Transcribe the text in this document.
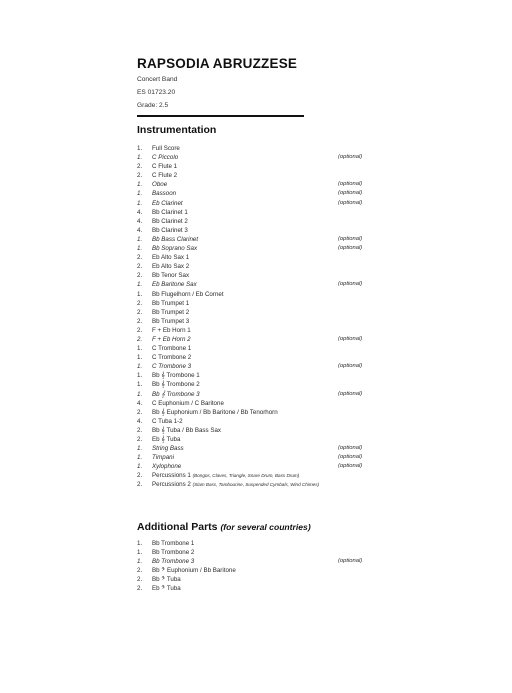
RAPSODIA ABRUZZESE
Concert Band
ES 01723.20
Grade: 2.5
Instrumentation
1.	Full Score
1.	C Piccolo	(optional)
2.	C Flute 1
2.	C Flute 2
1.	Oboe	(optional)
1.	Bassoon	(optional)
1.	Eb Clarinet	(optional)
4.	Bb Clarinet 1
4.	Bb Clarinet 2
4.	Bb Clarinet 3
1.	Bb Bass Clarinet	(optional)
1.	Bb Soprano Sax	(optional)
2.	Eb Alto Sax 1
2.	Eb Alto Sax 2
2.	Bb Tenor Sax
1.	Eb Baritone Sax	(optional)
1.	Bb Flugelhorn / Eb Cornet
2.	Bb Trumpet 1
2.	Bb Trumpet 2
2.	Bb Trumpet 3
2.	F + Eb Horn 1
2.	F + Eb Horn 2	(optional)
1.	C Trombone 1
1.	C Trombone 2
1.	C Trombone 3	(optional)
1.	Bb 𝄞 Trombone 1
1.	Bb 𝄞 Trombone 2
1.	Bb 𝄞 Trombone 3	(optional)
4.	C Euphonium / C Baritone
2.	Bb 𝄞 Euphonium / Bb Baritone / Bb Tenorhorn
4.	C Tuba 1-2
2.	Bb 𝄞 Tuba / Bb Bass Sax
2.	Eb 𝄞 Tuba
1.	String Bass	(optional)
1.	Timpani	(optional)
1.	Xylophone	(optional)
2.	Percussions 1 (Bongos, Claves, Triangle, Snare Drum, Bass Drum)
2.	Percussions 2 (Slam Bass, Tambourine, Suspended Cymbals, Wind Chimes)
Additional Parts (for several countries)
1.	Bb Trombone 1
1.	Bb Trombone 2
1.	Bb Trombone 3	(optional)
2.	Bb 𝄢 Euphonium / Bb Baritone
2.	Bb 𝄢 Tuba
2.	Eb 𝄢 Tuba
